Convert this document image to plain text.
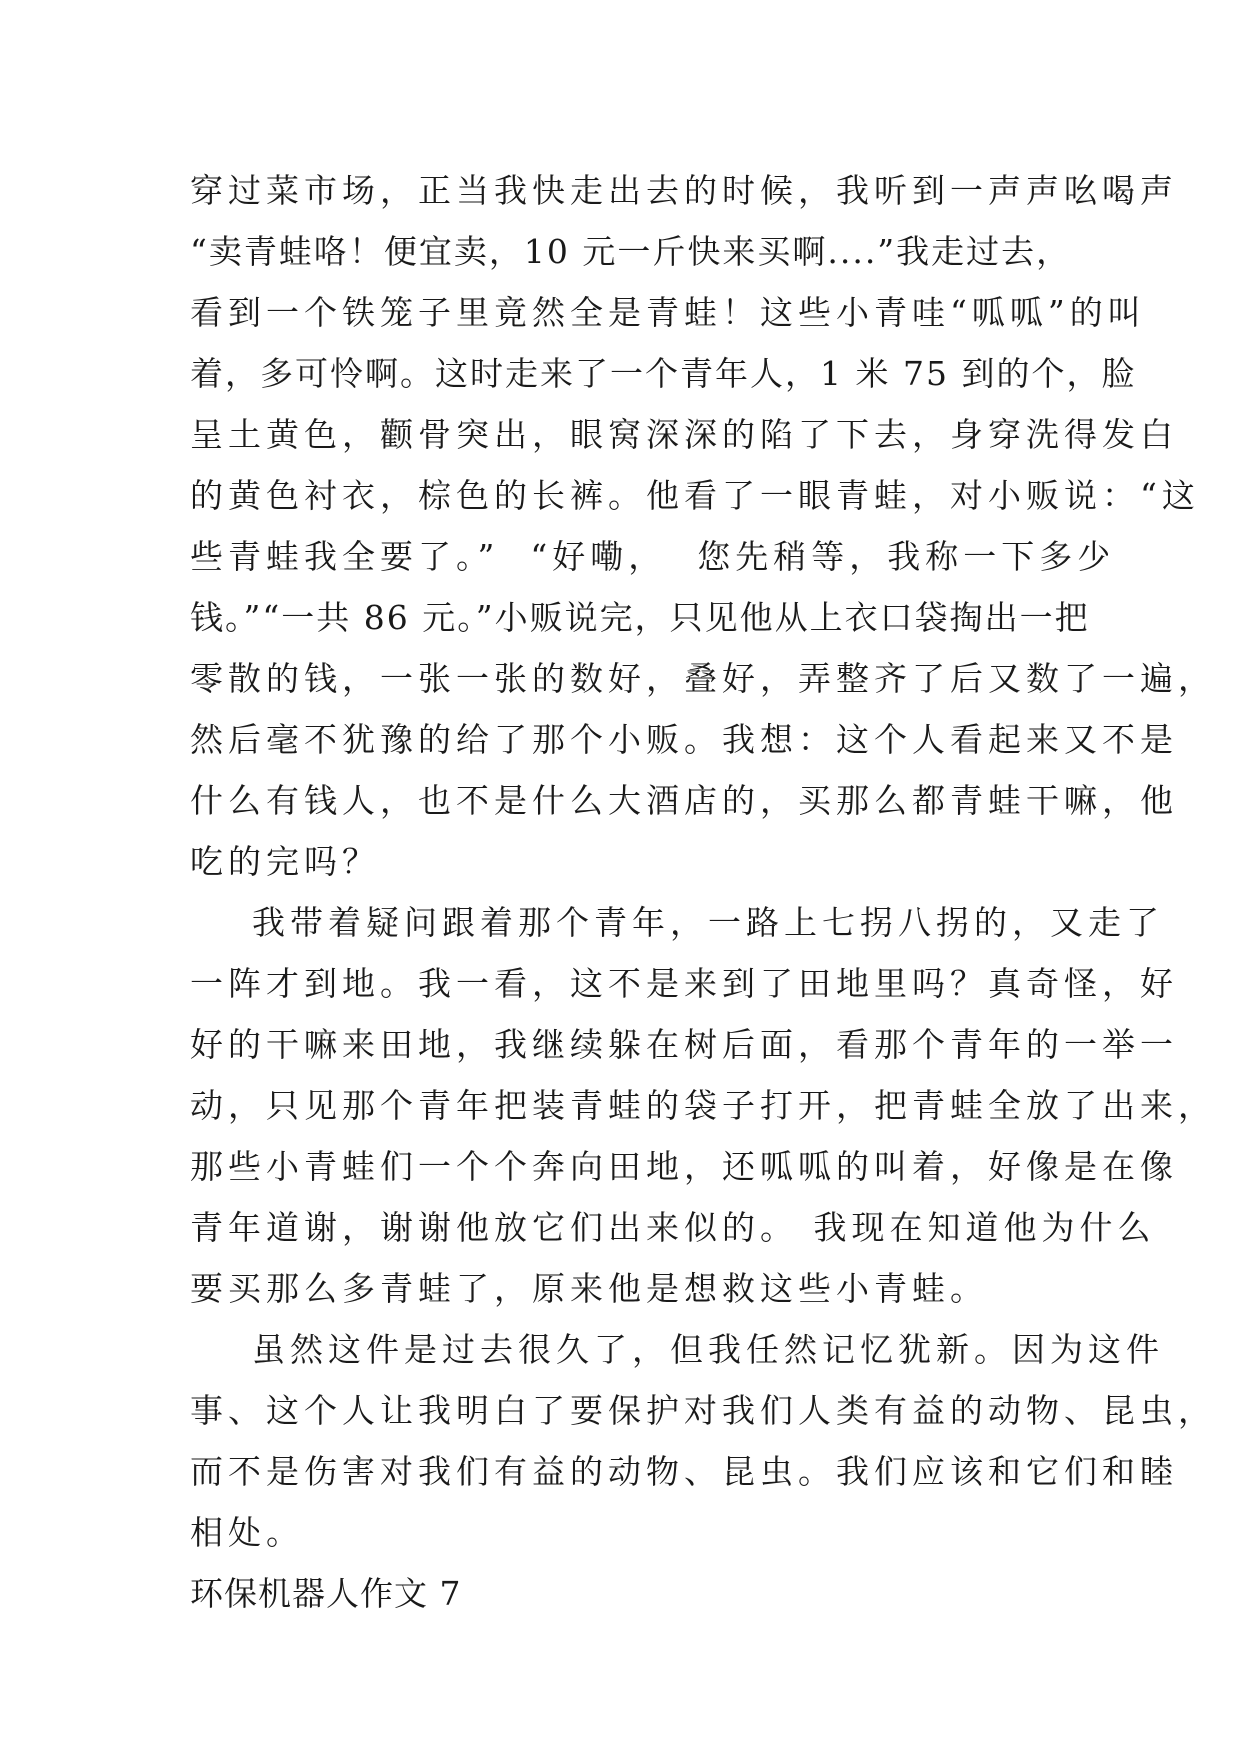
穿过菜市场，正当我快走出去的时候，我听到一声声吆喝声
“卖青蛙咯！便宜卖，10 元一斤快来买啊....”我走过去，
看到一个铁笼子里竟然全是青蛙！这些小青哇“呱呱”的叫
着，多可怜啊。这时走来了一个青年人，1 米 75 到的个，脸
呈土黄色，颧骨突出，眼窝深深的陷了下去，身穿洗得发白
的黄色衬衣，棕色的长裤。他看了一眼青蛙，对小贩说：“这
些青蛙我全要了。”  “好嘞，  您先稍等，我称一下多少
钱。”“一共 86 元。”小贩说完，只见他从上衣口袋掏出一把
零散的钱，一张一张的数好，叠好，弄整齐了后又数了一遍，
然后毫不犹豫的给了那个小贩。我想：这个人看起来又不是
什么有钱人，也不是什么大酒店的，买那么都青蛙干嘛，他
吃的完吗？
我带着疑问跟着那个青年，一路上七拐八拐的，又走了
一阵才到地。我一看，这不是来到了田地里吗？真奇怪，好
好的干嘛来田地，我继续躲在树后面，看那个青年的一举一
动，只见那个青年把装青蛙的袋子打开，把青蛙全放了出来，
那些小青蛙们一个个奔向田地，还呱呱的叫着，好像是在像
青年道谢，谢谢他放它们出来似的。 我现在知道他为什么
要买那么多青蛙了，原来他是想救这些小青蛙。
虽然这件是过去很久了，但我任然记忆犹新。因为这件
事、这个人让我明白了要保护对我们人类有益的动物、昆虫，
而不是伤害对我们有益的动物、昆虫。我们应该和它们和睦
相处。
环保机器人作文 7
